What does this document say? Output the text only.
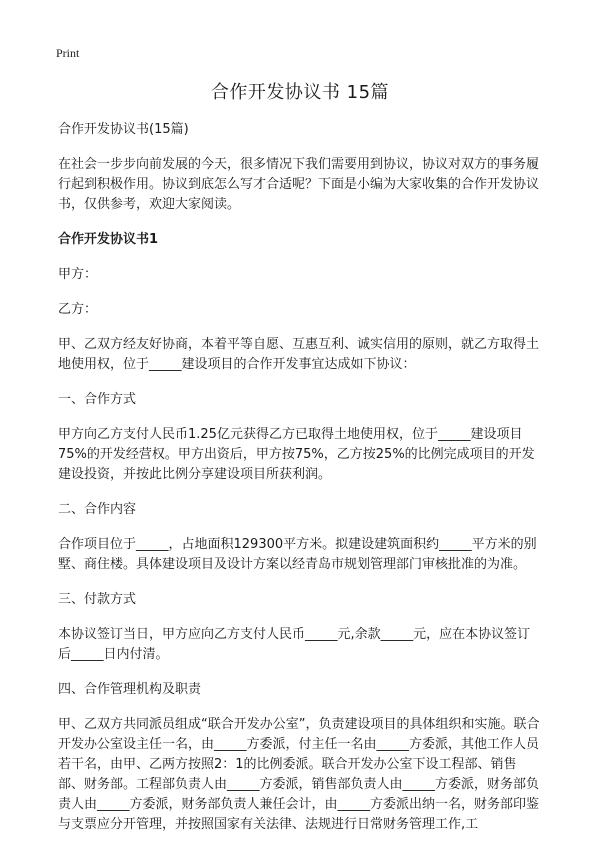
Print
合作开发协议书 15篇

合作开发协议书(15篇)

在社会一步步向前发展的今天，很多情况下我们需要用到协议，协议对双方的事务履行起到积极作用。协议到底怎么写才合适呢？下面是小编为大家收集的合作开发协议书，仅供参考，欢迎大家阅读。

合作开发协议书1

甲方：

乙方：

甲、乙双方经友好协商，本着平等自愿、互惠互利、诚实信用的原则，就乙方取得土地使用权，位于_____建设项目的合作开发事宜达成如下协议：

一、合作方式

甲方向乙方支付人民币1.25亿元获得乙方已取得土地使用权，位于_____建设项目75%的开发经营权。甲方出资后，甲方按75%，乙方按25%的比例完成项目的开发建设投资，并按此比例分享建设项目所获利润。

二、合作内容

合作项目位于_____，占地面积129300平方米。拟建设建筑面积约_____平方米的别墅、商住楼。具体建设项目及设计方案以经青岛市规划管理部门审核批准的为准。

三、付款方式

本协议签订当日，甲方应向乙方支付人民币_____元,余款_____元，应在本协议签订后_____日内付清。

四、合作管理机构及职责

甲、乙双方共同派员组成“联合开发办公室”，负责建设项目的具体组织和实施。联合开发办公室设主任一名，由_____方委派，付主任一名由_____方委派，其他工作人员若干名，由甲、乙两方按照2：1的比例委派。联合开发办公室下设工程部、销售部、财务部。工程部负责人由_____方委派，销售部负责人由_____方委派，财务部负责人由_____方委派，财务部负责人兼任会计，由_____方委派出纳一名，财务部印鉴与支票应分开管理，并按照国家有关法律、法规进行日常财务管理工作,工
